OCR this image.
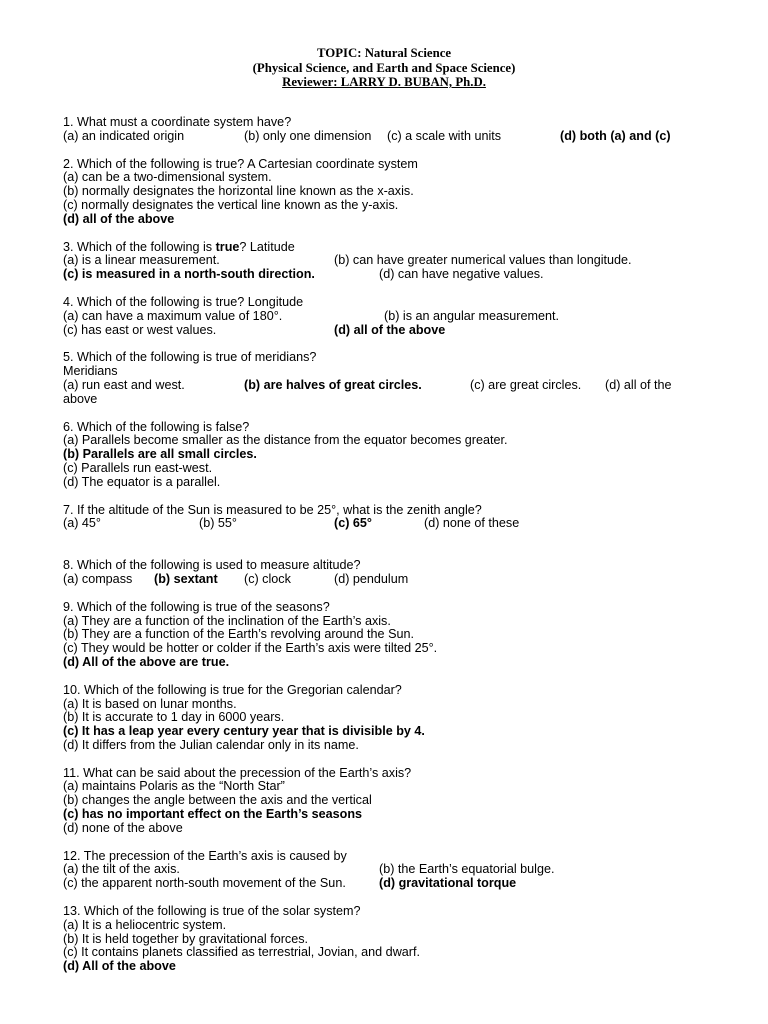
TOPIC: Natural Science
(Physical Science, and Earth and Space Science)
Reviewer: LARRY D. BUBAN, Ph.D.
1. What must a coordinate system have?
(a) an indicated origin	(b) only one dimension (c) a scale with units	(d) both (a) and (c)
2. Which of the following is true? A Cartesian coordinate system
(a) can be a two-dimensional system.
(b) normally designates the horizontal line known as the x-axis.
(c) normally designates the vertical line known as the y-axis.
(d) all of the above
3. Which of the following is true? Latitude
(a) is a linear measurement.	(b) can have greater numerical values than longitude.
(c) is measured in a north-south direction.	(d) can have negative values.
4. Which of the following is true? Longitude
(a) can have a maximum value of 180°.	(b) is an angular measurement.
(c) has east or west values.	(d) all of the above
5. Which of the following is true of meridians?
Meridians
(a) run east and west.	(b) are halves of great circles.	(c) are great circles. (d) all of the
above
6. Which of the following is false?
(a) Parallels become smaller as the distance from the equator becomes greater.
(b) Parallels are all small circles.
(c) Parallels run east-west.
(d) The equator is a parallel.
7. If the altitude of the Sun is measured to be 25°, what is the zenith angle?
(a) 45°	(b) 55°	(c) 65°	(d) none of these
8. Which of the following is used to measure altitude?
(a) compass (b) sextant (c) clock	(d) pendulum
9. Which of the following is true of the seasons?
(a) They are a function of the inclination of the Earth’s axis.
(b) They are a function of the Earth’s revolving around the Sun.
(c) They would be hotter or colder if the Earth’s axis were tilted 25°.
(d) All of the above are true.
10. Which of the following is true for the Gregorian calendar?
(a) It is based on lunar months.
(b) It is accurate to 1 day in 6000 years.
(c) It has a leap year every century year that is divisible by 4.
(d) It differs from the Julian calendar only in its name.
11. What can be said about the precession of the Earth’s axis?
(a) maintains Polaris as the “North Star”
(b) changes the angle between the axis and the vertical
(c) has no important effect on the Earth’s seasons
(d) none of the above
12. The precession of the Earth’s axis is caused by
(a) the tilt of the axis.	(b) the Earth’s equatorial bulge.
(c) the apparent north-south movement of the Sun.	(d) gravitational torque
13. Which of the following is true of the solar system?
(a) It is a heliocentric system.
(b) It is held together by gravitational forces.
(c) It contains planets classified as terrestrial, Jovian, and dwarf.
(d) All of the above
